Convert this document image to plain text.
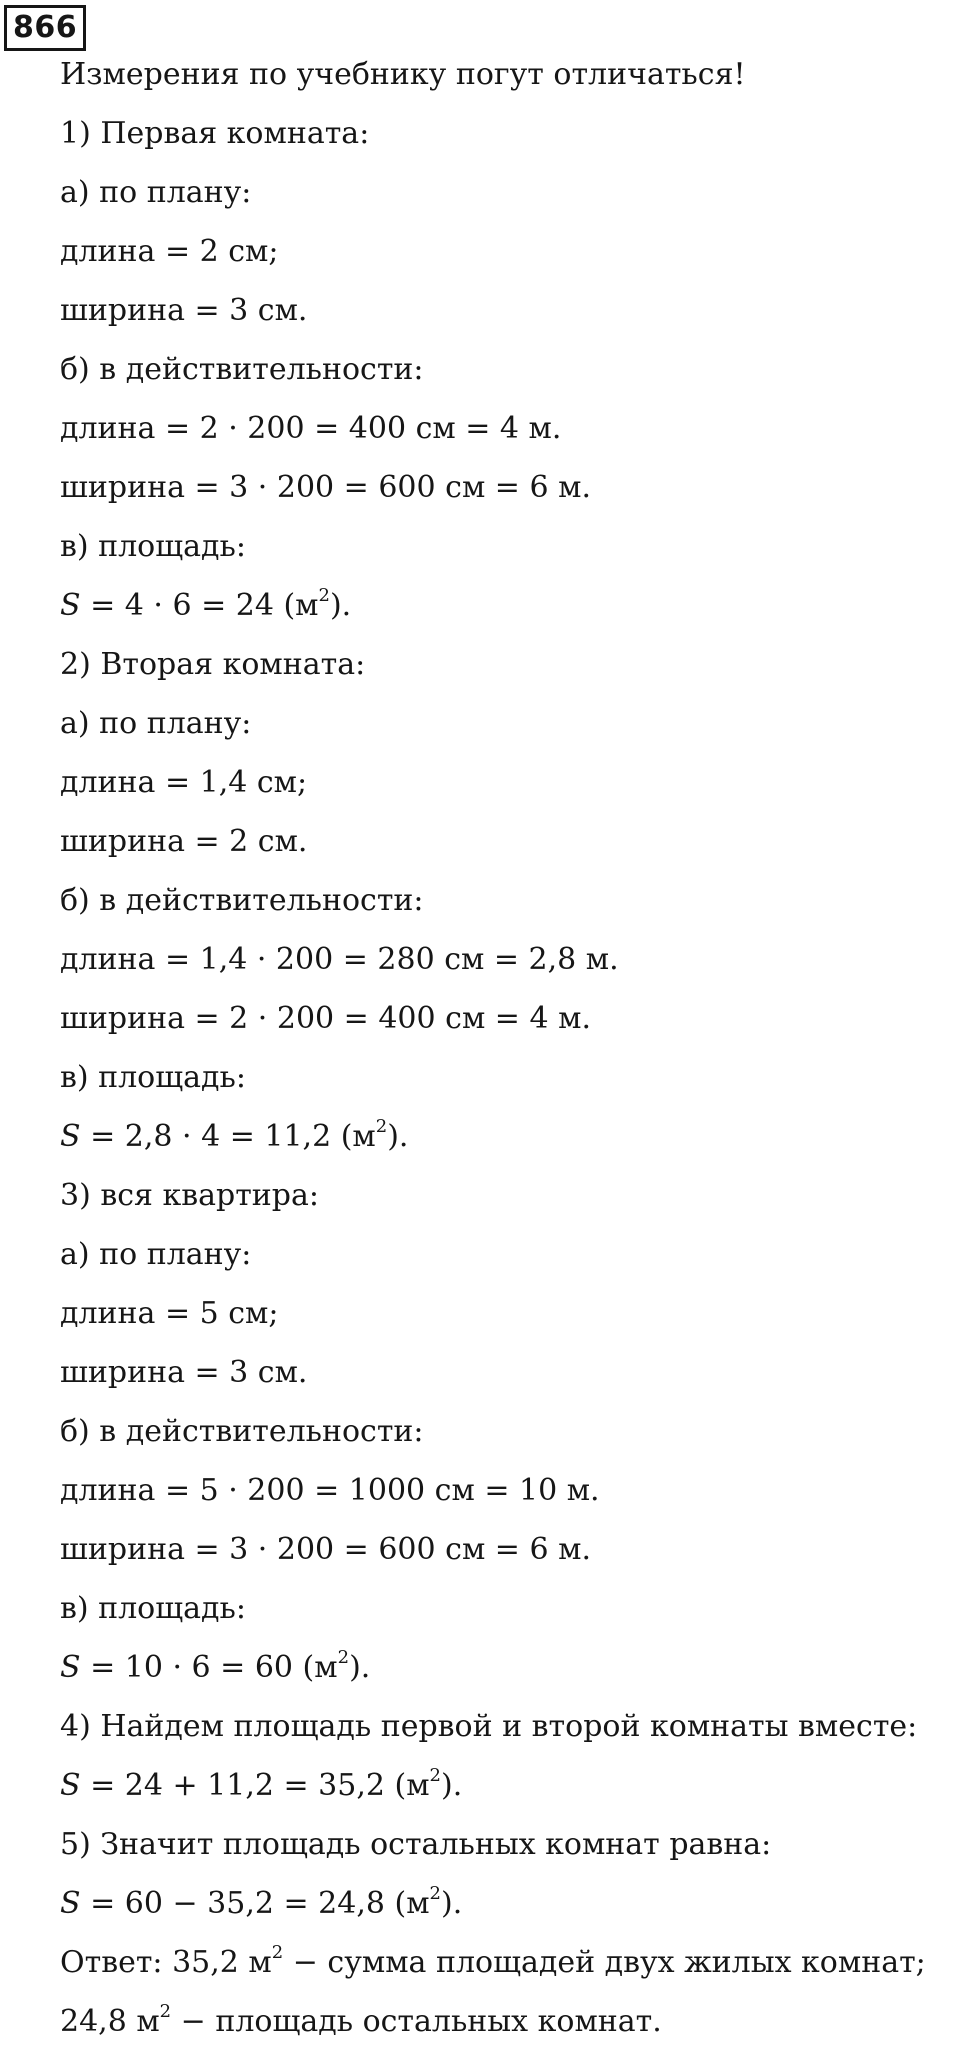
866
Измерения по учебнику погут отличаться!
1) Первая комната:
а) по плану:
длина = 2 см;
ширина = 3 см.
б) в действительности:
длина = 2 · 200 = 400 см = 4 м.
ширина = 3 · 200 = 600 см = 6 м.
в) площадь:
S = 4 · 6 = 24 $(м^2)$.
2) Вторая комната:
а) по плану:
длина = 1,4 см;
ширина = 2 см.
б) в действительности:
длина = 1,4 · 200 = 280 см = 2,8 м.
ширина = 2 · 200 = 400 см = 4 м.
в) площадь:
S = 2,8 · 4 = 11,2 $(м^2)$.
3) вся квартира:
а) по плану:
длина = 5 см;
ширина = 3 см.
б) в действительности:
длина = 5 · 200 = 1000 см = 10 м.
ширина = 3 · 200 = 600 см = 6 м.
в) площадь:
S = 10 · 6 = 60 $(м^2)$.
4) Найдем площадь первой и второй комнаты вместе:
S = 24 + 11,2 = 35,2 $(м^2)$.
5) Значит площадь остальных комнат равна:
S = 60 − 35,2 = 24,8 $(м^2)$.
Ответ: 35,2 $м^2$ − сумма площадей двух жилых комнат;
24,8 $м^2$ − площадь остальных комнат.
